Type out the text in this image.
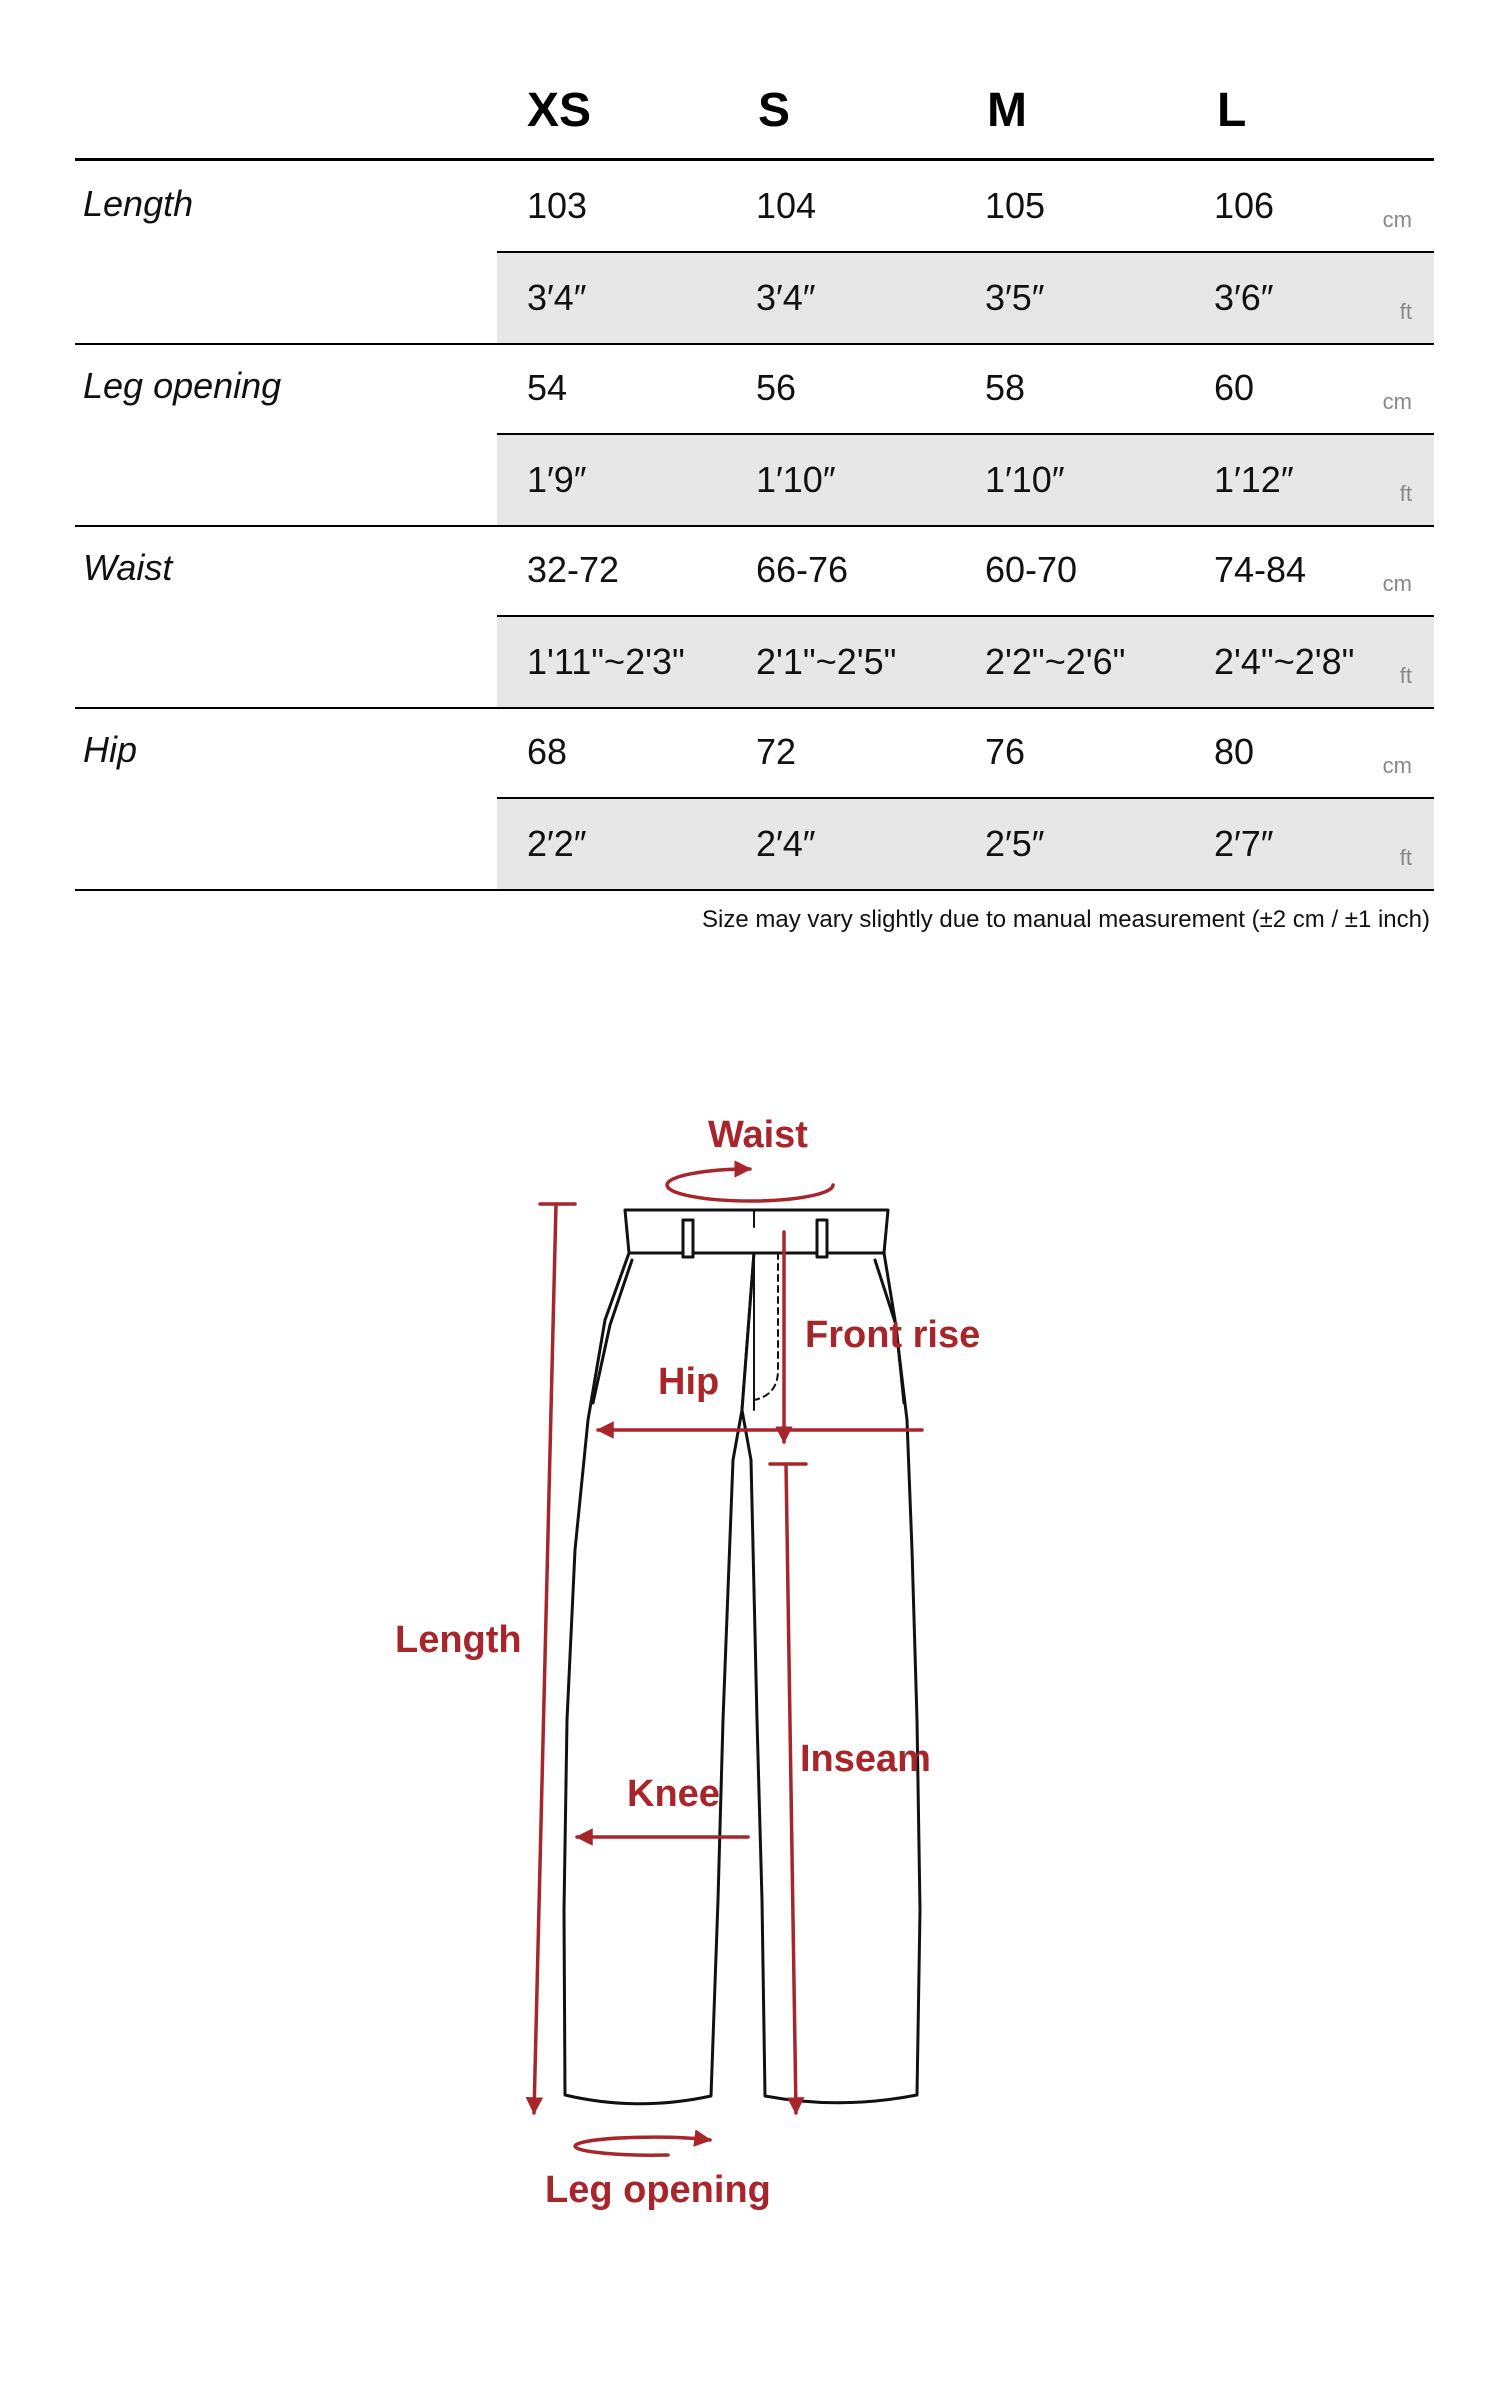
XS	S	M	L
Length	103	104	105	106	cm
3′4″	3′4″	3′5″	3′6″	ft
Leg opening	54	56	58	60	cm
1′9″	1′10″	1′10″	1′12″	ft
Waist	32-72	66-76	60-70	74-84	cm
1'11"~2'3" 2'1"~2'5" 2'2"~2'6" 2'4"~2'8" ft
Hip	68	72	76	80	cm
2′2″	2′4″	2′5″	2′7″	ft
Size may vary slightly due to manual measurement (±2 cm / ±1 inch)
Waist
Front rise
Hip
Length
Inseam
Knee
Leg opening
